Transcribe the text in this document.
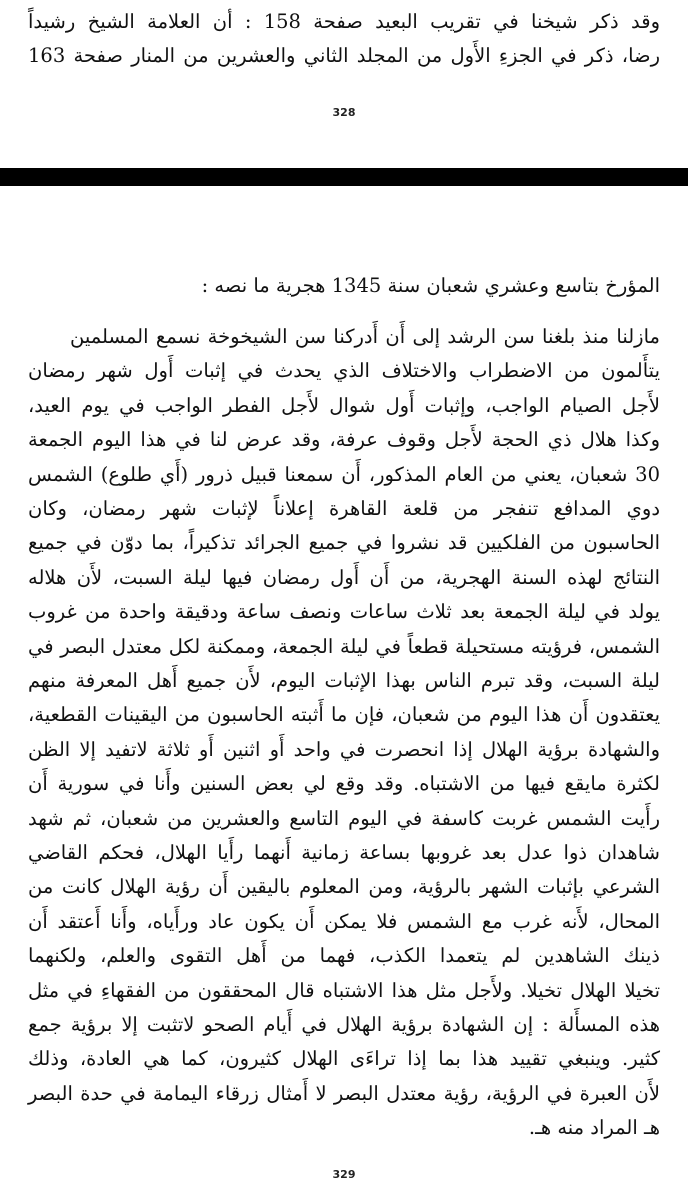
وقد ذكر شيخنا في تقريب البعيد صفحة 158 : أن العلامة الشيخ رشيداً
رضا، ذكر في الجزءِ الأَول من المجلد الثاني والعشرين من المنار صفحة 163
328
المؤرخ بتاسع وعشري شعبان سنة 1345 هجرية ما نصه :
مازلنا منذ بلغنا سن الرشد إلى أَن أَدركنا سن الشيخوخة نسمع المسلمين
يتأَلمون من الاضطراب والاختلاف الذي يحدث في إثبات أَول شهر رمضان
لأَجل الصيام الواجب، وإثبات أَول شوال لأَجل الفطر الواجب في يوم العيد،
وكذا هلال ذي الحجة لأَجل وقوف عرفة، وقد عرض لنا في هذا اليوم الجمعة
30 شعبان، يعني من العام المذكور، أَن سمعنا قبيل ذرور (أَي طلوع) الشمس
دوي المدافع تنفجر من قلعة القاهرة إعلاناً لإثبات شهر رمضان، وكان
الحاسبون من الفلكيين قد نشروا في جميع الجرائد تذكيراً، بما دوّن في جميع
النتائج لهذه السنة الهجرية، من أَن أَول رمضان فيها ليلة السبت، لأَن هلاله
يولد في ليلة الجمعة بعد ثلاث ساعات ونصف ساعة ودقيقة واحدة من غروب
الشمس، فرؤيته مستحيلة قطعاً في ليلة الجمعة، وممكنة لكل معتدل البصر في
ليلة السبت، وقد تبرم الناس بهذا الإثبات اليوم، لأَن جميع أَهل المعرفة منهم
يعتقدون أَن هذا اليوم من شعبان، فإن ما أَثبته الحاسبون من اليقينات القطعية،
والشهادة برؤية الهلال إذا انحصرت في واحد أَو اثنين أَو ثلاثة لاتفيد إلا الظن
لكثرة مايقع فيها من الاشتباه. وقد وقع لي بعض السنين وأَنا في سورية أَن
رأَيت الشمس غربت كاسفة في اليوم التاسع والعشرين من شعبان، ثم شهد
شاهدان ذوا عدل بعد غروبها بساعة زمانية أَنهما رأَيا الهلال، فحكم القاضي
الشرعي بإثبات الشهر بالرؤية، ومن المعلوم باليقين أَن رؤية الهلال كانت من
المحال، لأَنه غرب مع الشمس فلا يمكن أَن يكون عاد ورأَياه، وأَنا أَعتقد أَن
ذينك الشاهدين لم يتعمدا الكذب، فهما من أَهل التقوى والعلم، ولكنهما
تخيلا الهلال تخيلا. ولأَجل مثل هذا الاشتباه قال المحققون من الفقهاءِ في مثل
هذه المسأَلة : إن الشهادة برؤية الهلال في أَيام الصحو لاتثبت إلا برؤية جمع
كثير. وينبغي تقييد هذا بما إذا تراءَى الهلال كثيرون، كما هي العادة، وذلك
لأَن العبرة في الرؤية، رؤية معتدل البصر لا أَمثال زرقاء اليمامة في حدة البصر
هـ المراد منه هـ.
329
